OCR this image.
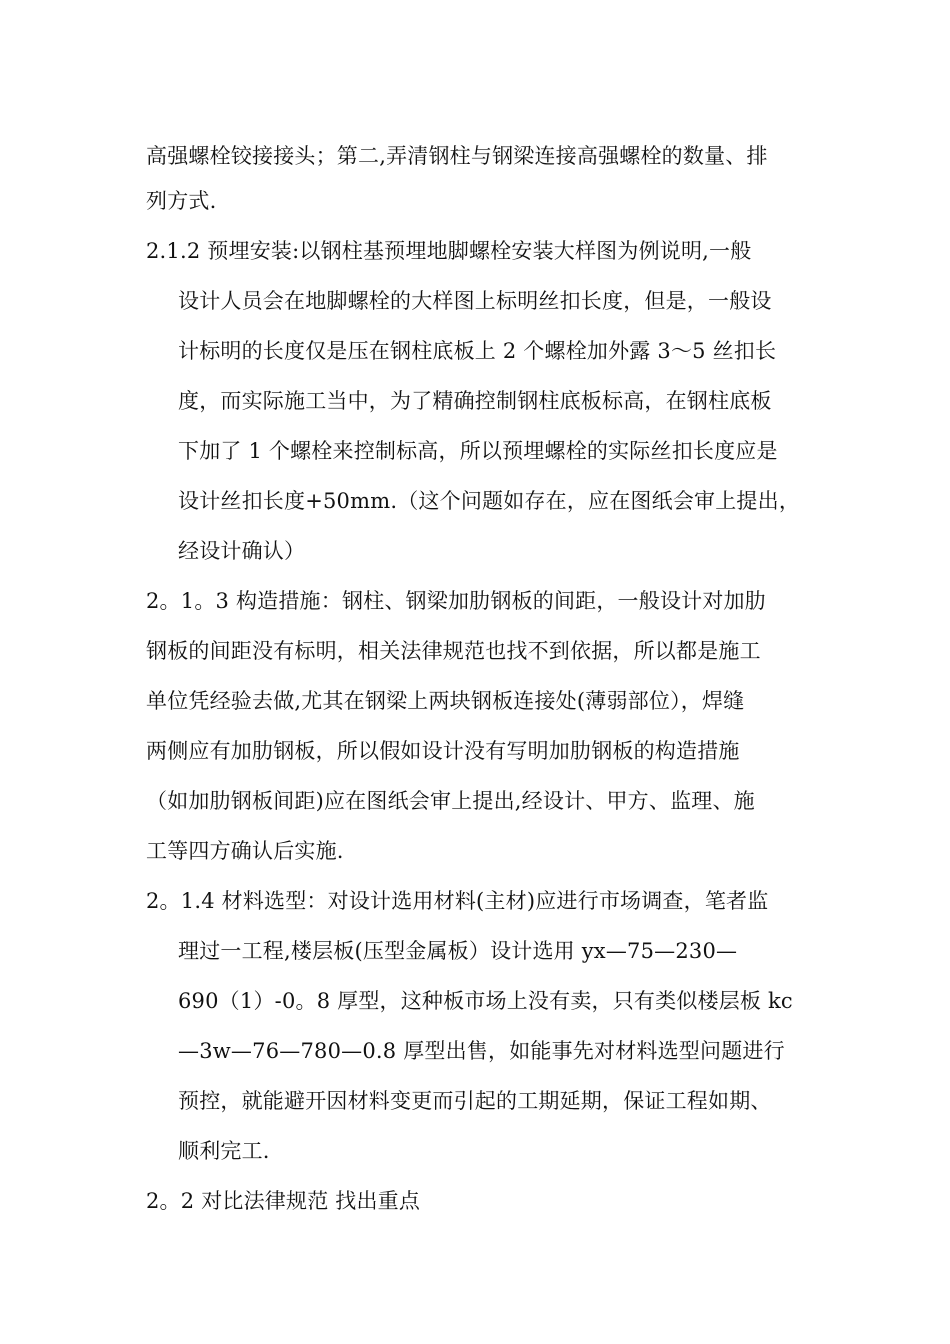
高强螺栓铰接接头；第二,弄清钢柱与钢梁连接高强螺栓的数量、排
列方式.
2.1.2 预埋安装:以钢柱基预埋地脚螺栓安装大样图为例说明,一般
设计人员会在地脚螺栓的大样图上标明丝扣长度，但是，一般设
计标明的长度仅是压在钢柱底板上 2 个螺栓加外露 3～5 丝扣长
度，而实际施工当中，为了精确控制钢柱底板标高，在钢柱底板
下加了 1 个螺栓来控制标高，所以预埋螺栓的实际丝扣长度应是
设计丝扣长度+50mm.（这个问题如存在，应在图纸会审上提出，
经设计确认）
2。1。3 构造措施：钢柱、钢梁加肋钢板的间距，一般设计对加肋
钢板的间距没有标明，相关法律规范也找不到依据，所以都是施工
单位凭经验去做,尤其在钢梁上两块钢板连接处(薄弱部位），焊缝
两侧应有加肋钢板，所以假如设计没有写明加肋钢板的构造措施
（如加肋钢板间距)应在图纸会审上提出,经设计、甲方、监理、施
工等四方确认后实施.
2。1.4 材料选型：对设计选用材料(主材)应进行市场调查，笔者监
理过一工程,楼层板(压型金属板）设计选用 yx—75—230—
690（1）-0。8 厚型，这种板市场上没有卖，只有类似楼层板 kc
—3w—76—780—0.8 厚型出售，如能事先对材料选型问题进行
预控，就能避开因材料变更而引起的工期延期，保证工程如期、
顺利完工.
2。2 对比法律规范 找出重点
